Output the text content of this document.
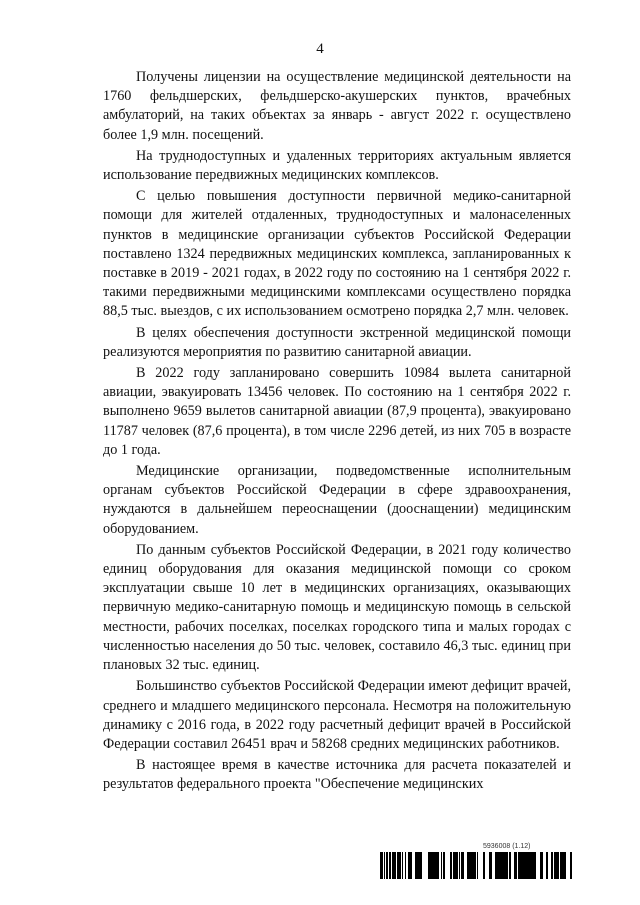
4

Получены лицензии на осуществление медицинской деятельности на 1760 фельдшерских, фельдшерско-акушерских пунктов, врачебных амбулаторий, на таких объектах за январь - август 2022 г. осуществлено более 1,9 млн. посещений.

На труднодоступных и удаленных территориях актуальным является использование передвижных медицинских комплексов.

С целью повышения доступности первичной медико-санитарной помощи для жителей отдаленных, труднодоступных и малонаселенных пунктов в медицинские организации субъектов Российской Федерации поставлено 1324 передвижных медицинских комплекса, запланированных к поставке в 2019 - 2021 годах, в 2022 году по состоянию на 1 сентября 2022 г. такими передвижными медицинскими комплексами осуществлено порядка 88,5 тыс. выездов, с их использованием осмотрено порядка 2,7 млн. человек.

В целях обеспечения доступности экстренной медицинской помощи реализуются мероприятия по развитию санитарной авиации.

В 2022 году запланировано совершить 10984 вылета санитарной авиации, эвакуировать 13456 человек. По состоянию на 1 сентября 2022 г. выполнено 9659 вылетов санитарной авиации (87,9 процента), эвакуировано 11787 человек (87,6 процента), в том числе 2296 детей, из них 705 в возрасте до 1 года.

Медицинские организации, подведомственные исполнительным органам субъектов Российской Федерации в сфере здравоохранения, нуждаются в дальнейшем переоснащении (дооснащении) медицинским оборудованием.

По данным субъектов Российской Федерации, в 2021 году количество единиц оборудования для оказания медицинской помощи со сроком эксплуатации свыше 10 лет в медицинских организациях, оказывающих первичную медико-санитарную помощь и медицинскую помощь в сельской местности, рабочих поселках, поселках городского типа и малых городах с численностью населения до 50 тыс. человек, составило 46,3 тыс. единиц при плановых 32 тыс. единиц.

Большинство субъектов Российской Федерации имеют дефицит врачей, среднего и младшего медицинского персонала. Несмотря на положительную динамику с 2016 года, в 2022 году расчетный дефицит врачей в Российской Федерации составил 26451 врач и 58268 средних медицинских работников.

В настоящее время в качестве источника для расчета показателей и результатов федерального проекта "Обеспечение медицинских

5936008 (1.12)
